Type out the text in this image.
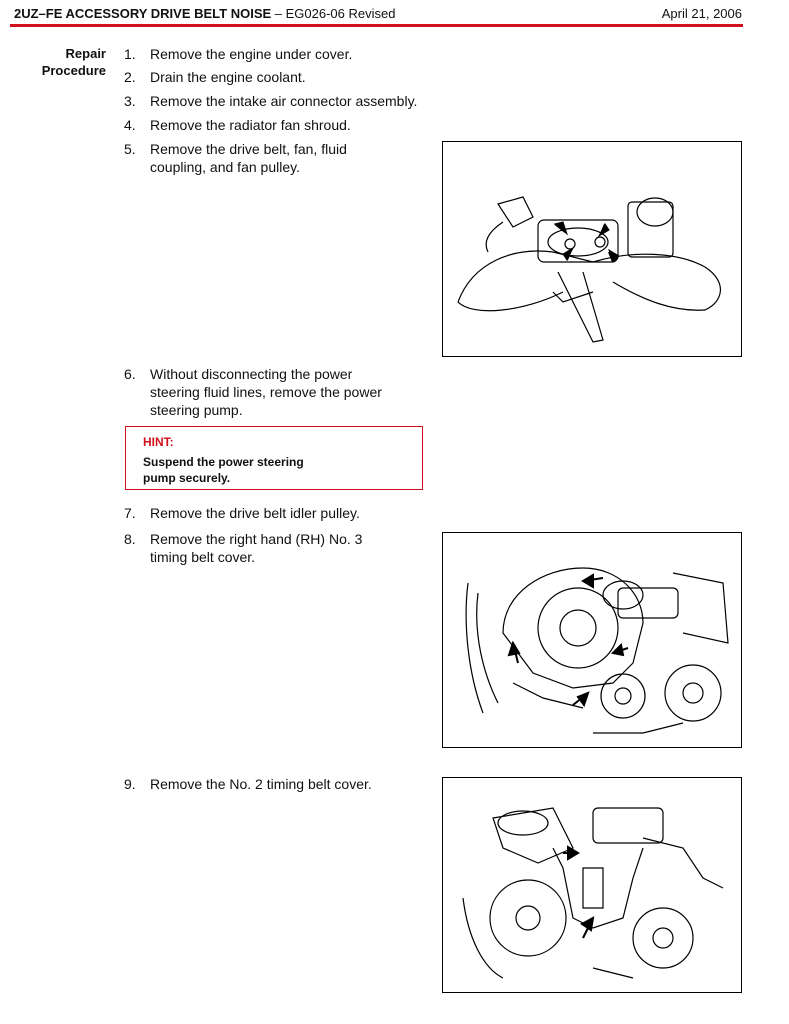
2UZ–FE ACCESSORY DRIVE BELT NOISE – EG026-06 Revised	April 21, 2006
Repair
Procedure
1.	Remove the engine under cover.
2.	Drain the engine coolant.
3.	Remove the intake air connector assembly.
4.	Remove the radiator fan shroud.
5.	Remove the drive belt, fan, fluid
coupling, and fan pulley.
6.	Without disconnecting the power
steering fluid lines, remove the power
steering pump.
HINT:
Suspend the power steering
pump securely.
7.	Remove the drive belt idler pulley.
8.	Remove the right hand (RH) No. 3
timing belt cover.
9.	Remove the No. 2 timing belt cover.
